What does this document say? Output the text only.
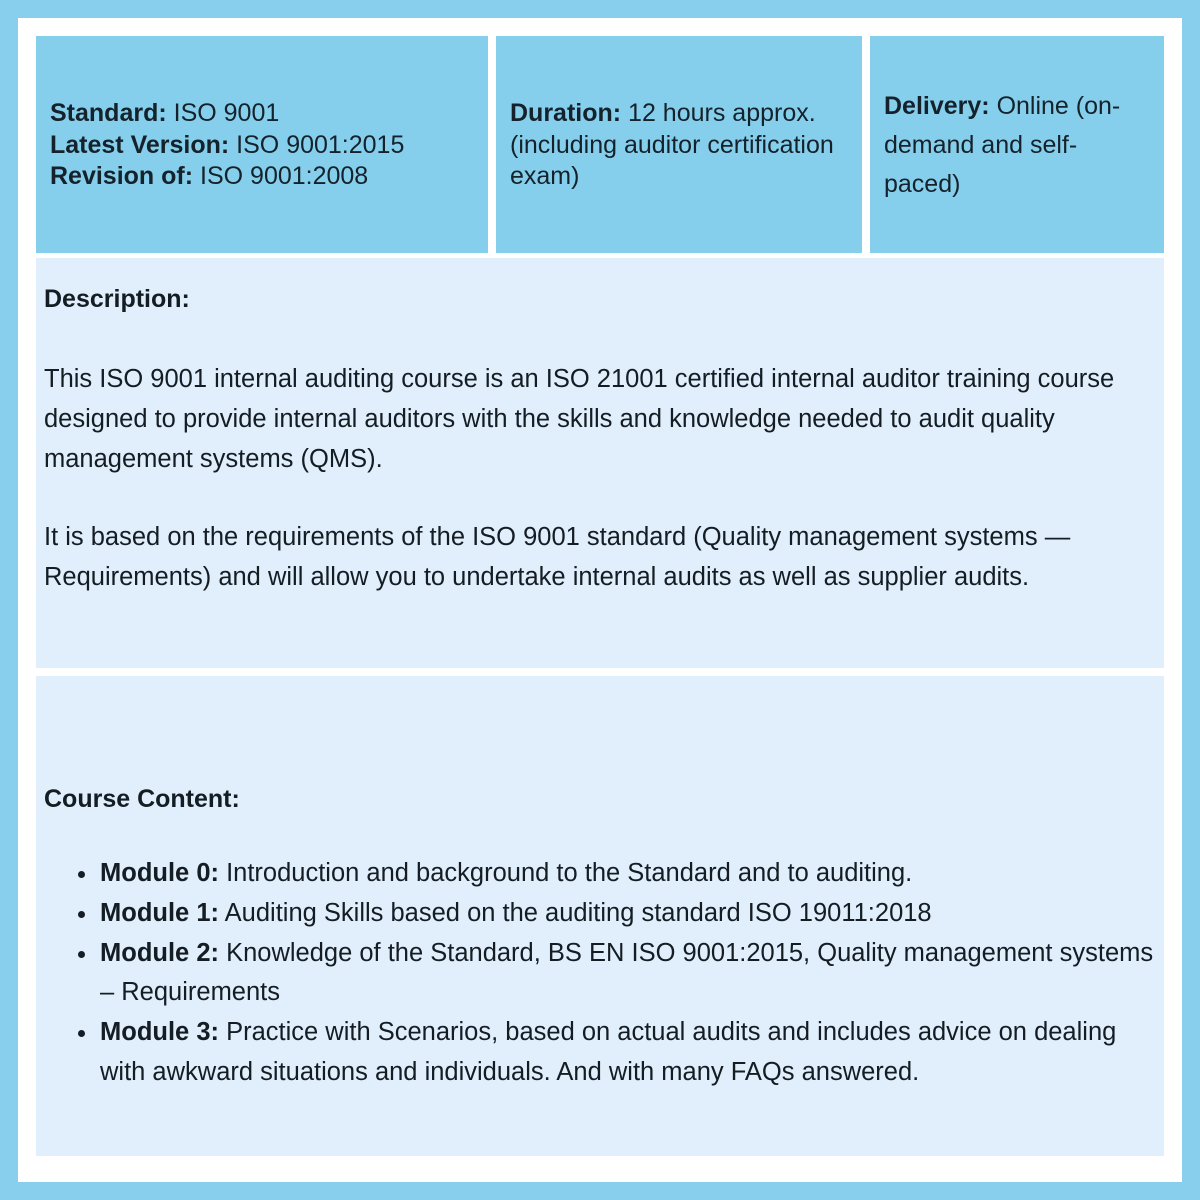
Standard: ISO 9001
Latest Version: ISO 9001:2015
Revision of: ISO 9001:2008
Duration: 12 hours approx. (including auditor certification exam)
Delivery: Online (on-demand and self-paced)
Description:

This ISO 9001 internal auditing course is an ISO 21001 certified internal auditor training course designed to provide internal auditors with the skills and knowledge needed to audit quality management systems (QMS).

It is based on the requirements of the ISO 9001 standard (Quality management systems — Requirements) and will allow you to undertake internal audits as well as supplier audits.

Course Content:
Module 0: Introduction and background to the Standard and to auditing.
Module 1: Auditing Skills based on the auditing standard ISO 19011:2018
Module 2: Knowledge of the Standard, BS EN ISO 9001:2015, Quality management systems – Requirements
Module 3: Practice with Scenarios, based on actual audits and includes advice on dealing with awkward situations and individuals. And with many FAQs answered.
